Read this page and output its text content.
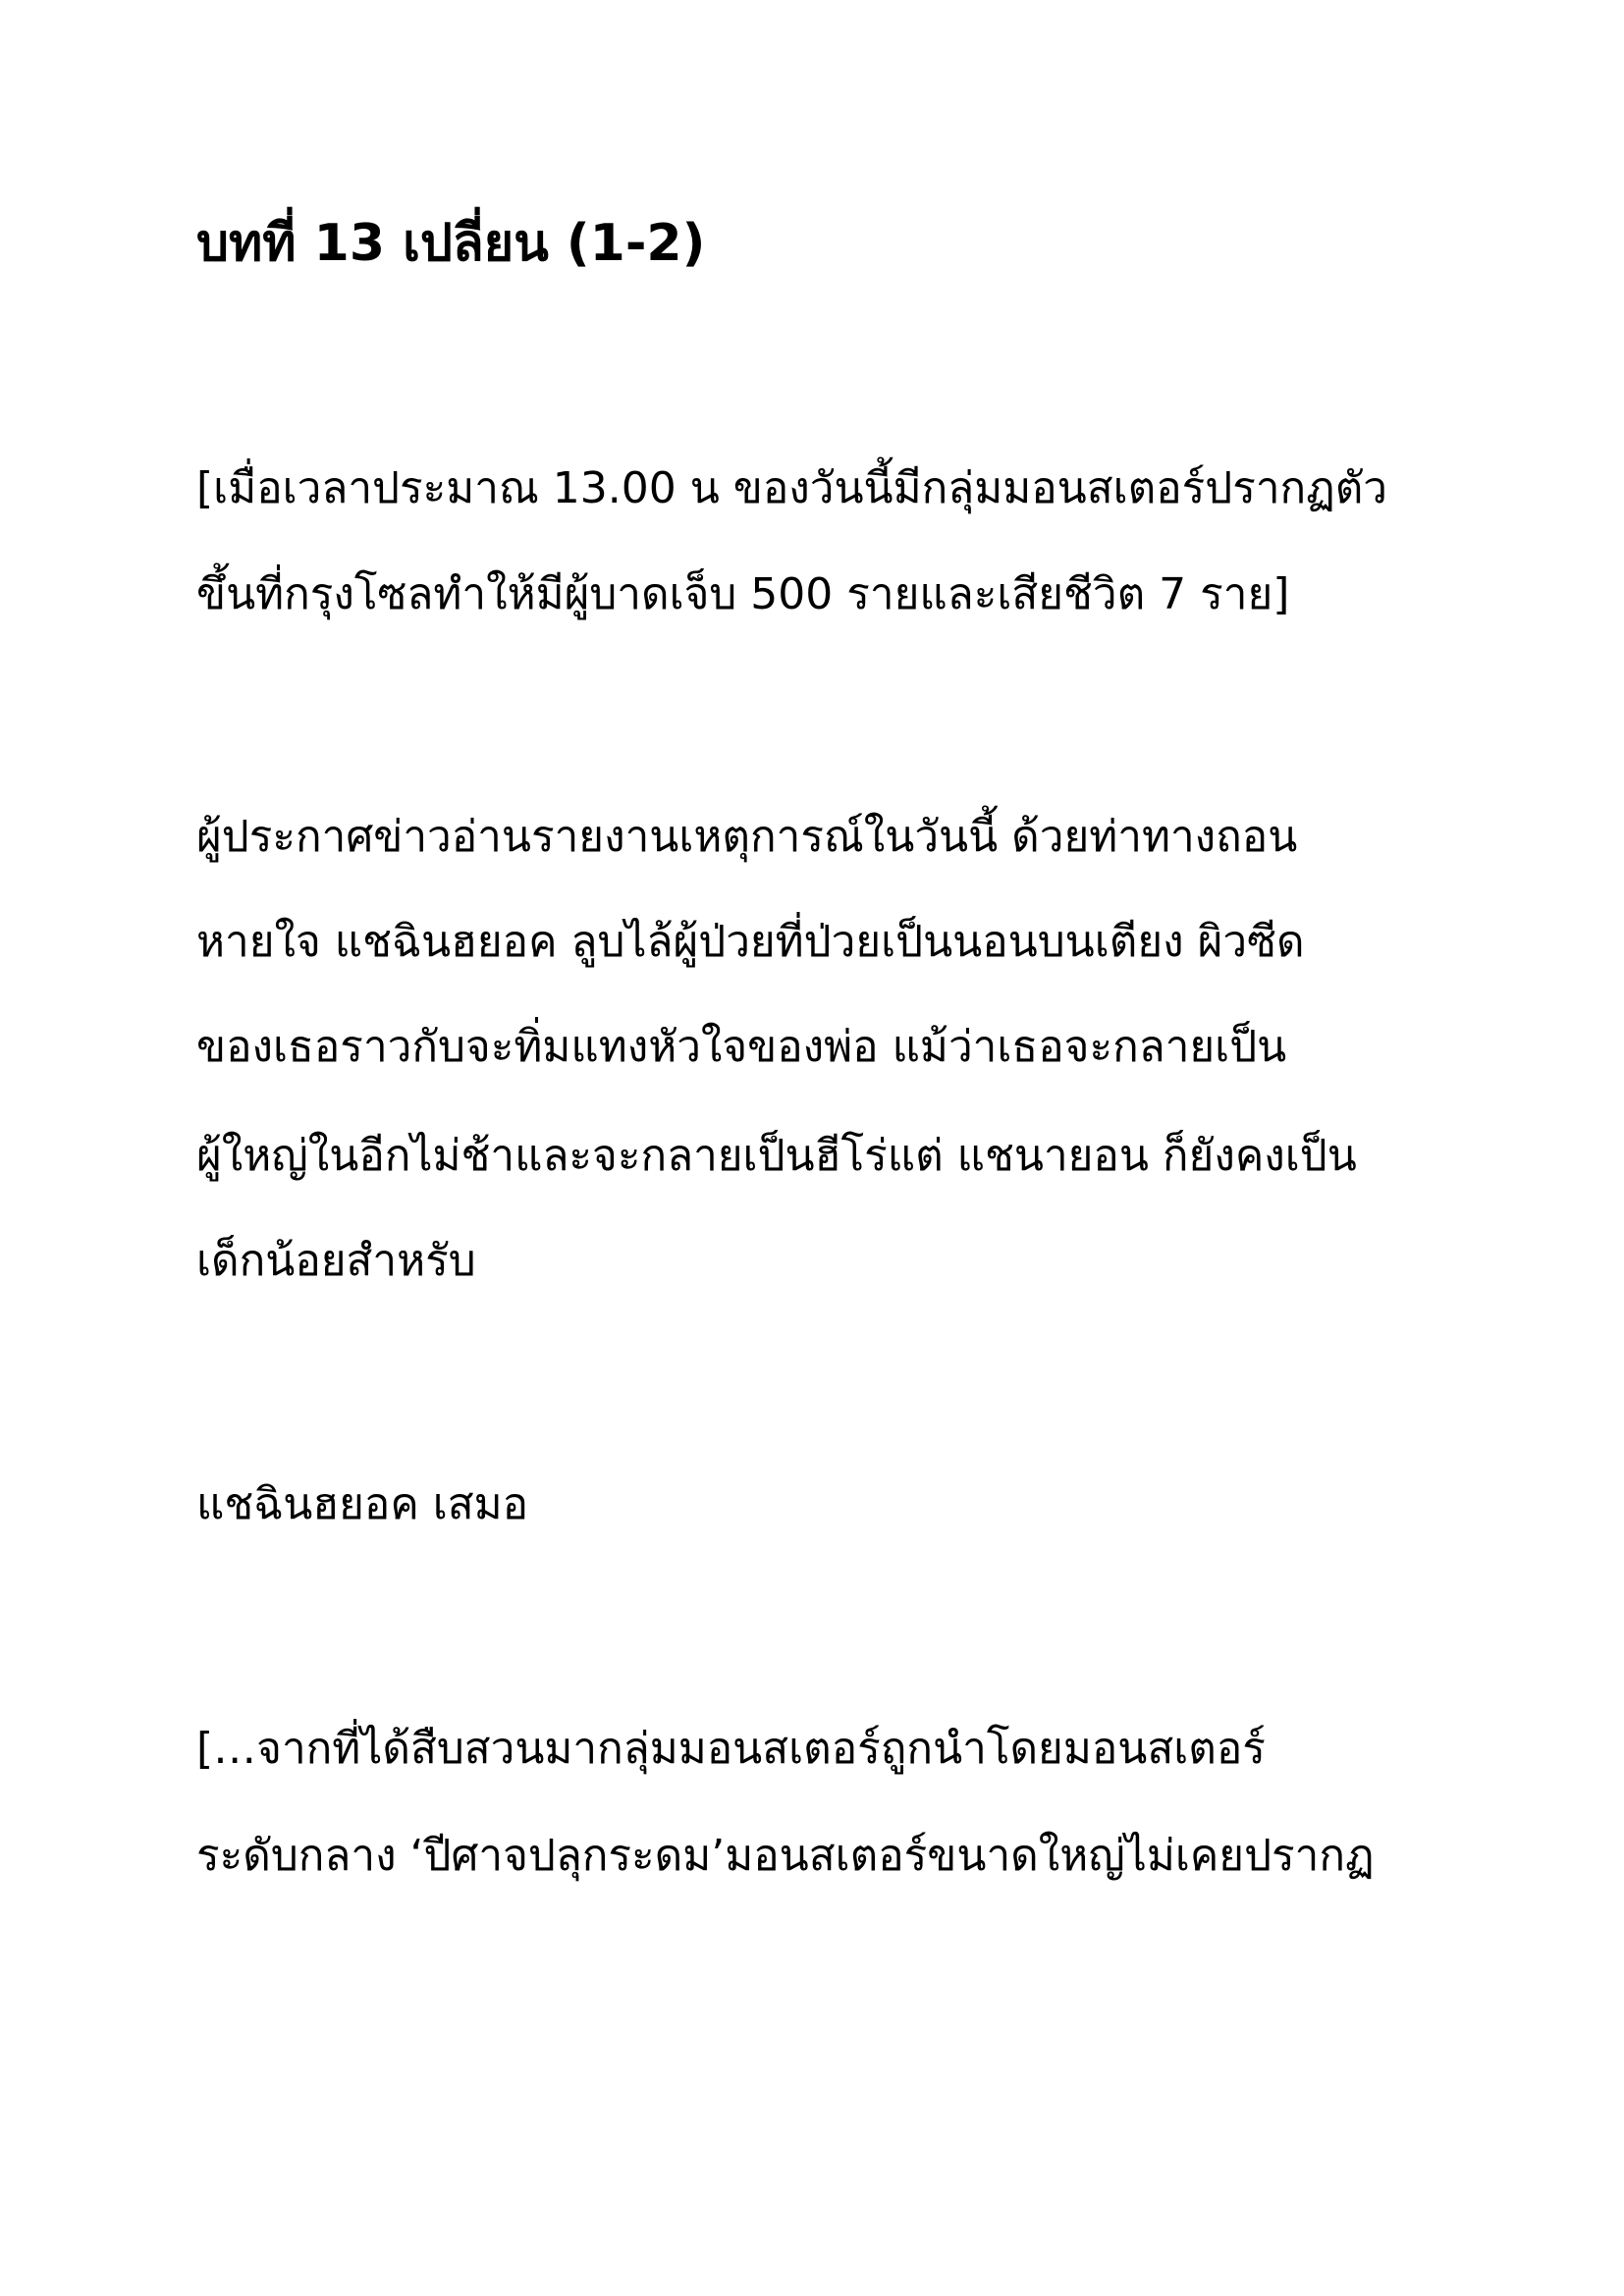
บทที่ 13 เปลี่ยน (1-2)
[เมื่อเวลาประมาณ 13.00 น ของวันนี้มีกลุ่มมอนสเตอร์ปรากฏตัว
ขึ้นที่กรุงโซลทำให้มีผู้บาดเจ็บ 500 รายและเสียชีวิต 7 ราย]
ผู้ประกาศข่าวอ่านรายงานเหตุการณ์ในวันนี้ ด้วยท่าทางถอน
หายใจ แชฉินฮยอค ลูบไล้ผู้ป่วยที่ป่วยเป็นนอนบนเตียง ผิวซีด
ของเธอราวกับจะทิ่มแทงหัวใจของพ่อ แม้ว่าเธอจะกลายเป็น
ผู้ใหญ่ในอีกไม่ช้าและจะกลายเป็นฮีโร่แต่ แชนายอน ก็ยังคงเป็น
เด็กน้อยสำหรับ
แชฉินฮยอค เสมอ
[…จากที่ได้สืบสวนมากลุ่มมอนสเตอร์ถูกนำโดยมอนสเตอร์
ระดับกลาง ‘ปีศาจปลุกระดม’มอนสเตอร์ขนาดใหญ่ไม่เคยปรากฏ
